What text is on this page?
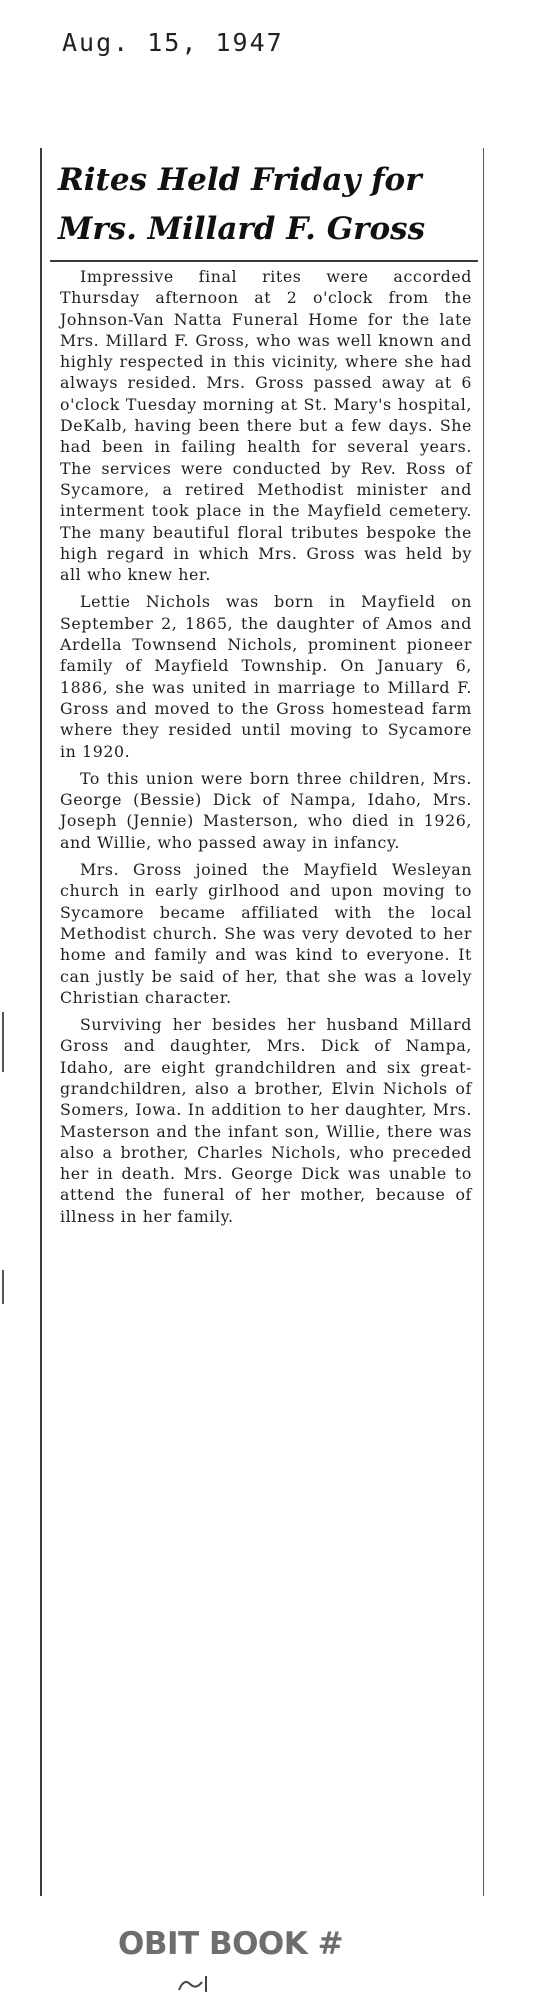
Aug. 15, 1947
Rites Held Friday for
Mrs. Millard F. Gross

Impressive final rites were accorded Thursday afternoon at 2 o'clock from the Johnson-Van Natta Funeral Home for the late Mrs. Millard F. Gross, who was well known and highly respected in this vicinity, where she had always resided. Mrs. Gross passed away at 6 o'clock Tuesday morning at St. Mary's hospital, DeKalb, having been there but a few days. She had been in failing health for several years. The services were conducted by Rev. Ross of Sycamore, a retired Methodist minister and interment took place in the Mayfield cemetery. The many beautiful floral tributes bespoke the high regard in which Mrs. Gross was held by all who knew her.

Lettie Nichols was born in Mayfield on September 2, 1865, the daughter of Amos and Ardella Townsend Nichols, prominent pioneer family of Mayfield Township. On January 6, 1886, she was united in marriage to Millard F. Gross and moved to the Gross homestead farm where they resided until moving to Sycamore in 1920.

To this union were born three children, Mrs. George (Bessie) Dick of Nampa, Idaho, Mrs. Joseph (Jennie) Masterson, who died in 1926, and Willie, who passed away in infancy.

Mrs. Gross joined the Mayfield Wesleyan church in early girlhood and upon moving to Sycamore became affiliated with the local Methodist church. She was very devoted to her home and family and was kind to everyone. It can justly be said of her, that she was a lovely Christian character.

Surviving her besides her husband Millard Gross and daughter, Mrs. Dick of Nampa, Idaho, are eight grandchildren and six great-grandchildren, also a brother, Elvin Nichols of Somers, Iowa. In addition to her daughter, Mrs. Masterson and the infant son, Willie, there was also a brother, Charles Nichols, who preceded her in death. Mrs. George Dick was unable to attend the funeral of her mother, because of illness in her family.

OBIT BOOK #
